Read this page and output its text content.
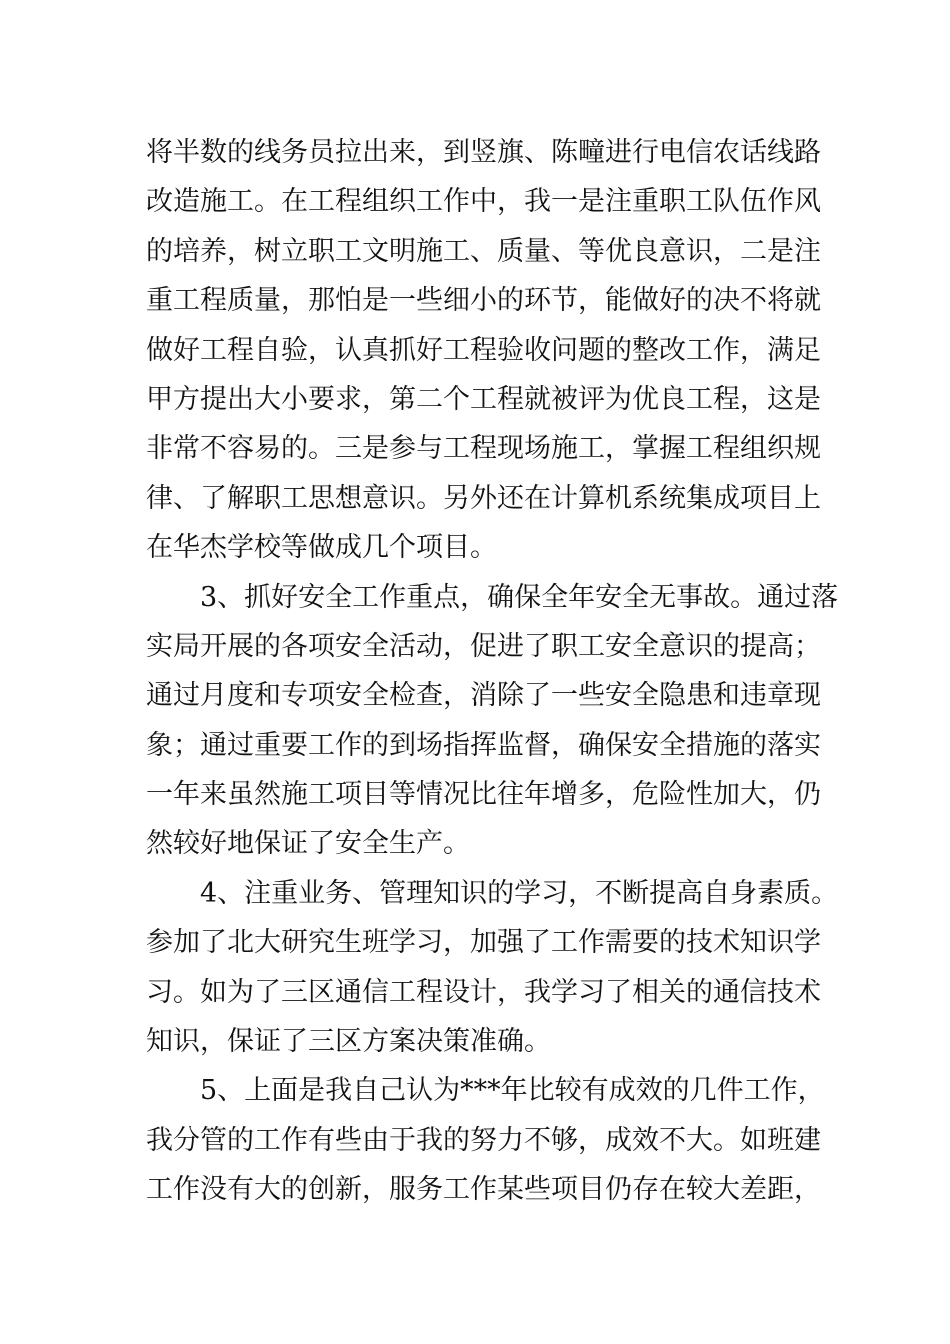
将半数的线务员拉出来，到竖旗、陈疃进行电信农话线路
改造施工。在工程组织工作中，我一是注重职工队伍作风
的培养，树立职工文明施工、质量、等优良意识，二是注
重工程质量，那怕是一些细小的环节，能做好的决不将就
做好工程自验，认真抓好工程验收问题的整改工作，满足
甲方提出大小要求，第二个工程就被评为优良工程，这是
非常不容易的。三是参与工程现场施工，掌握工程组织规
律、了解职工思想意识。另外还在计算机系统集成项目上
在华杰学校等做成几个项目。
3、抓好安全工作重点，确保全年安全无事故。通过落
实局开展的各项安全活动，促进了职工安全意识的提高；
通过月度和专项安全检查，消除了一些安全隐患和违章现
象；通过重要工作的到场指挥监督，确保安全措施的落实
一年来虽然施工项目等情况比往年增多，危险性加大，仍
然较好地保证了安全生产。
4、注重业务、管理知识的学习，不断提高自身素质。
参加了北大研究生班学习，加强了工作需要的技术知识学
习。如为了三区通信工程设计，我学习了相关的通信技术
知识，保证了三区方案决策准确。
5、上面是我自己认为***年比较有成效的几件工作，
我分管的工作有些由于我的努力不够，成效不大。如班建
工作没有大的创新，服务工作某些项目仍存在较大差距，
